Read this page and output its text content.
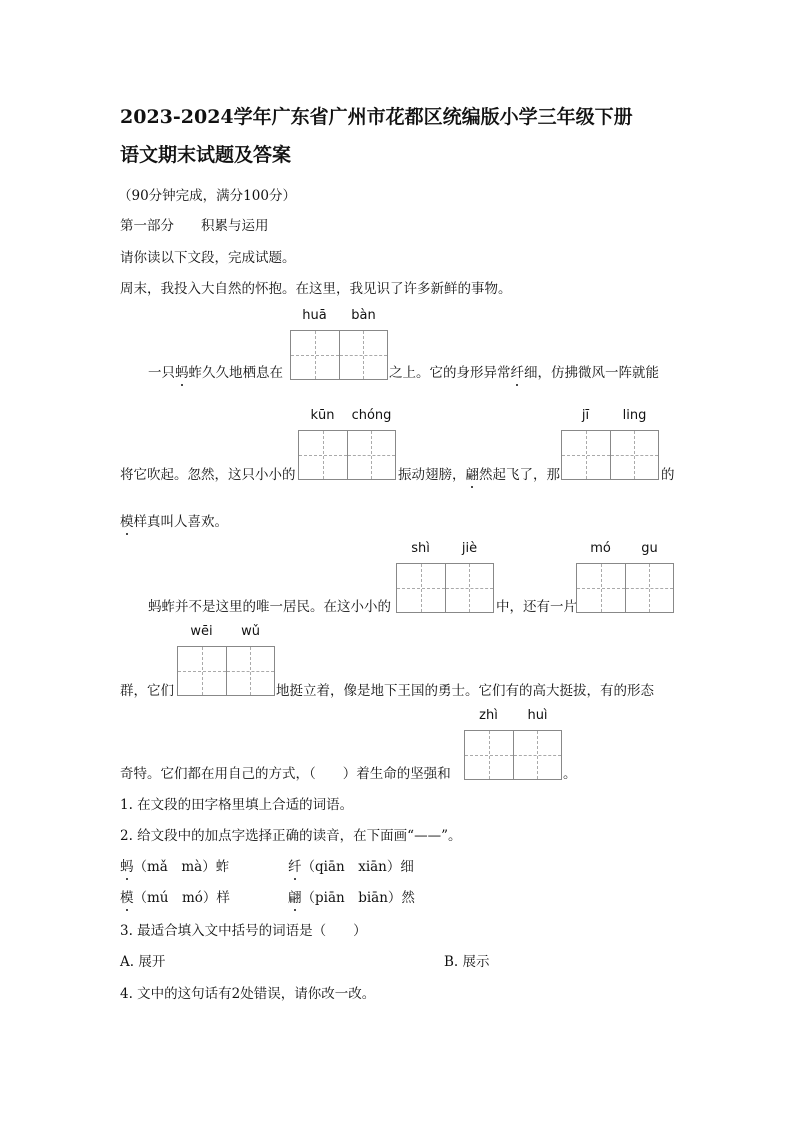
2023-2024学年广东省广州市花都区统编版小学三年级下册
语文期末试题及答案
（90分钟完成，满分100分）
第一部分　　积累与运用
请你读以下文段，完成试题。
周末，我投入大自然的怀抱。在这里，我见识了许多新鲜的事物。
一只蚂蚱久久地栖息在	之上。它的身形异常纤细，仿拂微风一阵就能
将它吹起。忽然，这只小小的	振动翅膀，翩然起飞了，那	的
模样真叫人喜欢。
蚂蚱并不是这里的唯一居民。在这小小的	中，还有一片
群，它们	地挺立着，像是地下王国的勇士。它们有的高大挺拔，有的形态
奇特。它们都在用自己的方式，（　　）着生命的坚强和	。
huā	bàn
kūn	chóng	jī	ling
shì	jiè	mó	gu
wēi	wǔ
zhì	huì
1. 在文段的田字格里填上合适的词语。
2. 给文段中的加点字选择正确的读音，在下面画“——”。
蚂（mǎ　mà）蚱	纤（qiān　xiān）细
模（mú　mó）样	翩（piān　biān）然
3. 最适合填入文中括号的词语是（　　）
A. 展开	B. 展示
4. 文中的这句话有2处错误，请你改一改。
